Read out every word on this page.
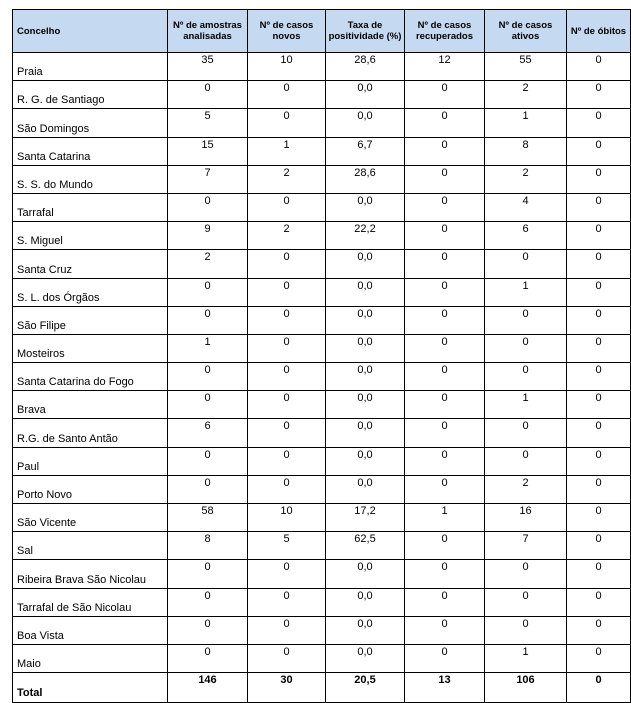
Concelho	Nº de amostras analisadas	Nº de casos novos	Taxa de positividade (%)	Nº de casos recuperados	Nº de casos ativos	Nº de óbitos
Praia	35	10	28,6	12	55	0
R. G. de Santiago	0	0	0,0	0	2	0
São Domingos	5	0	0,0	0	1	0
Santa Catarina	15	1	6,7	0	8	0
S. S. do Mundo	7	2	28,6	0	2	0
Tarrafal	0	0	0,0	0	4	0
S. Miguel	9	2	22,2	0	6	0
Santa Cruz	2	0	0,0	0	0	0
S. L. dos Órgãos	0	0	0,0	0	1	0
São Filipe	0	0	0,0	0	0	0
Mosteiros	1	0	0,0	0	0	0
Santa Catarina do Fogo	0	0	0,0	0	0	0
Brava	0	0	0,0	0	1	0
R.G. de Santo Antão	6	0	0,0	0	0	0
Paul	0	0	0,0	0	0	0
Porto Novo	0	0	0,0	0	2	0
São Vicente	58	10	17,2	1	16	0
Sal	8	5	62,5	0	7	0
Ribeira Brava São Nicolau	0	0	0,0	0	0	0
Tarrafal de São Nicolau	0	0	0,0	0	0	0
Boa Vista	0	0	0,0	0	0	0
Maio	0	0	0,0	0	1	0
Total	146	30	20,5	13	106	0
